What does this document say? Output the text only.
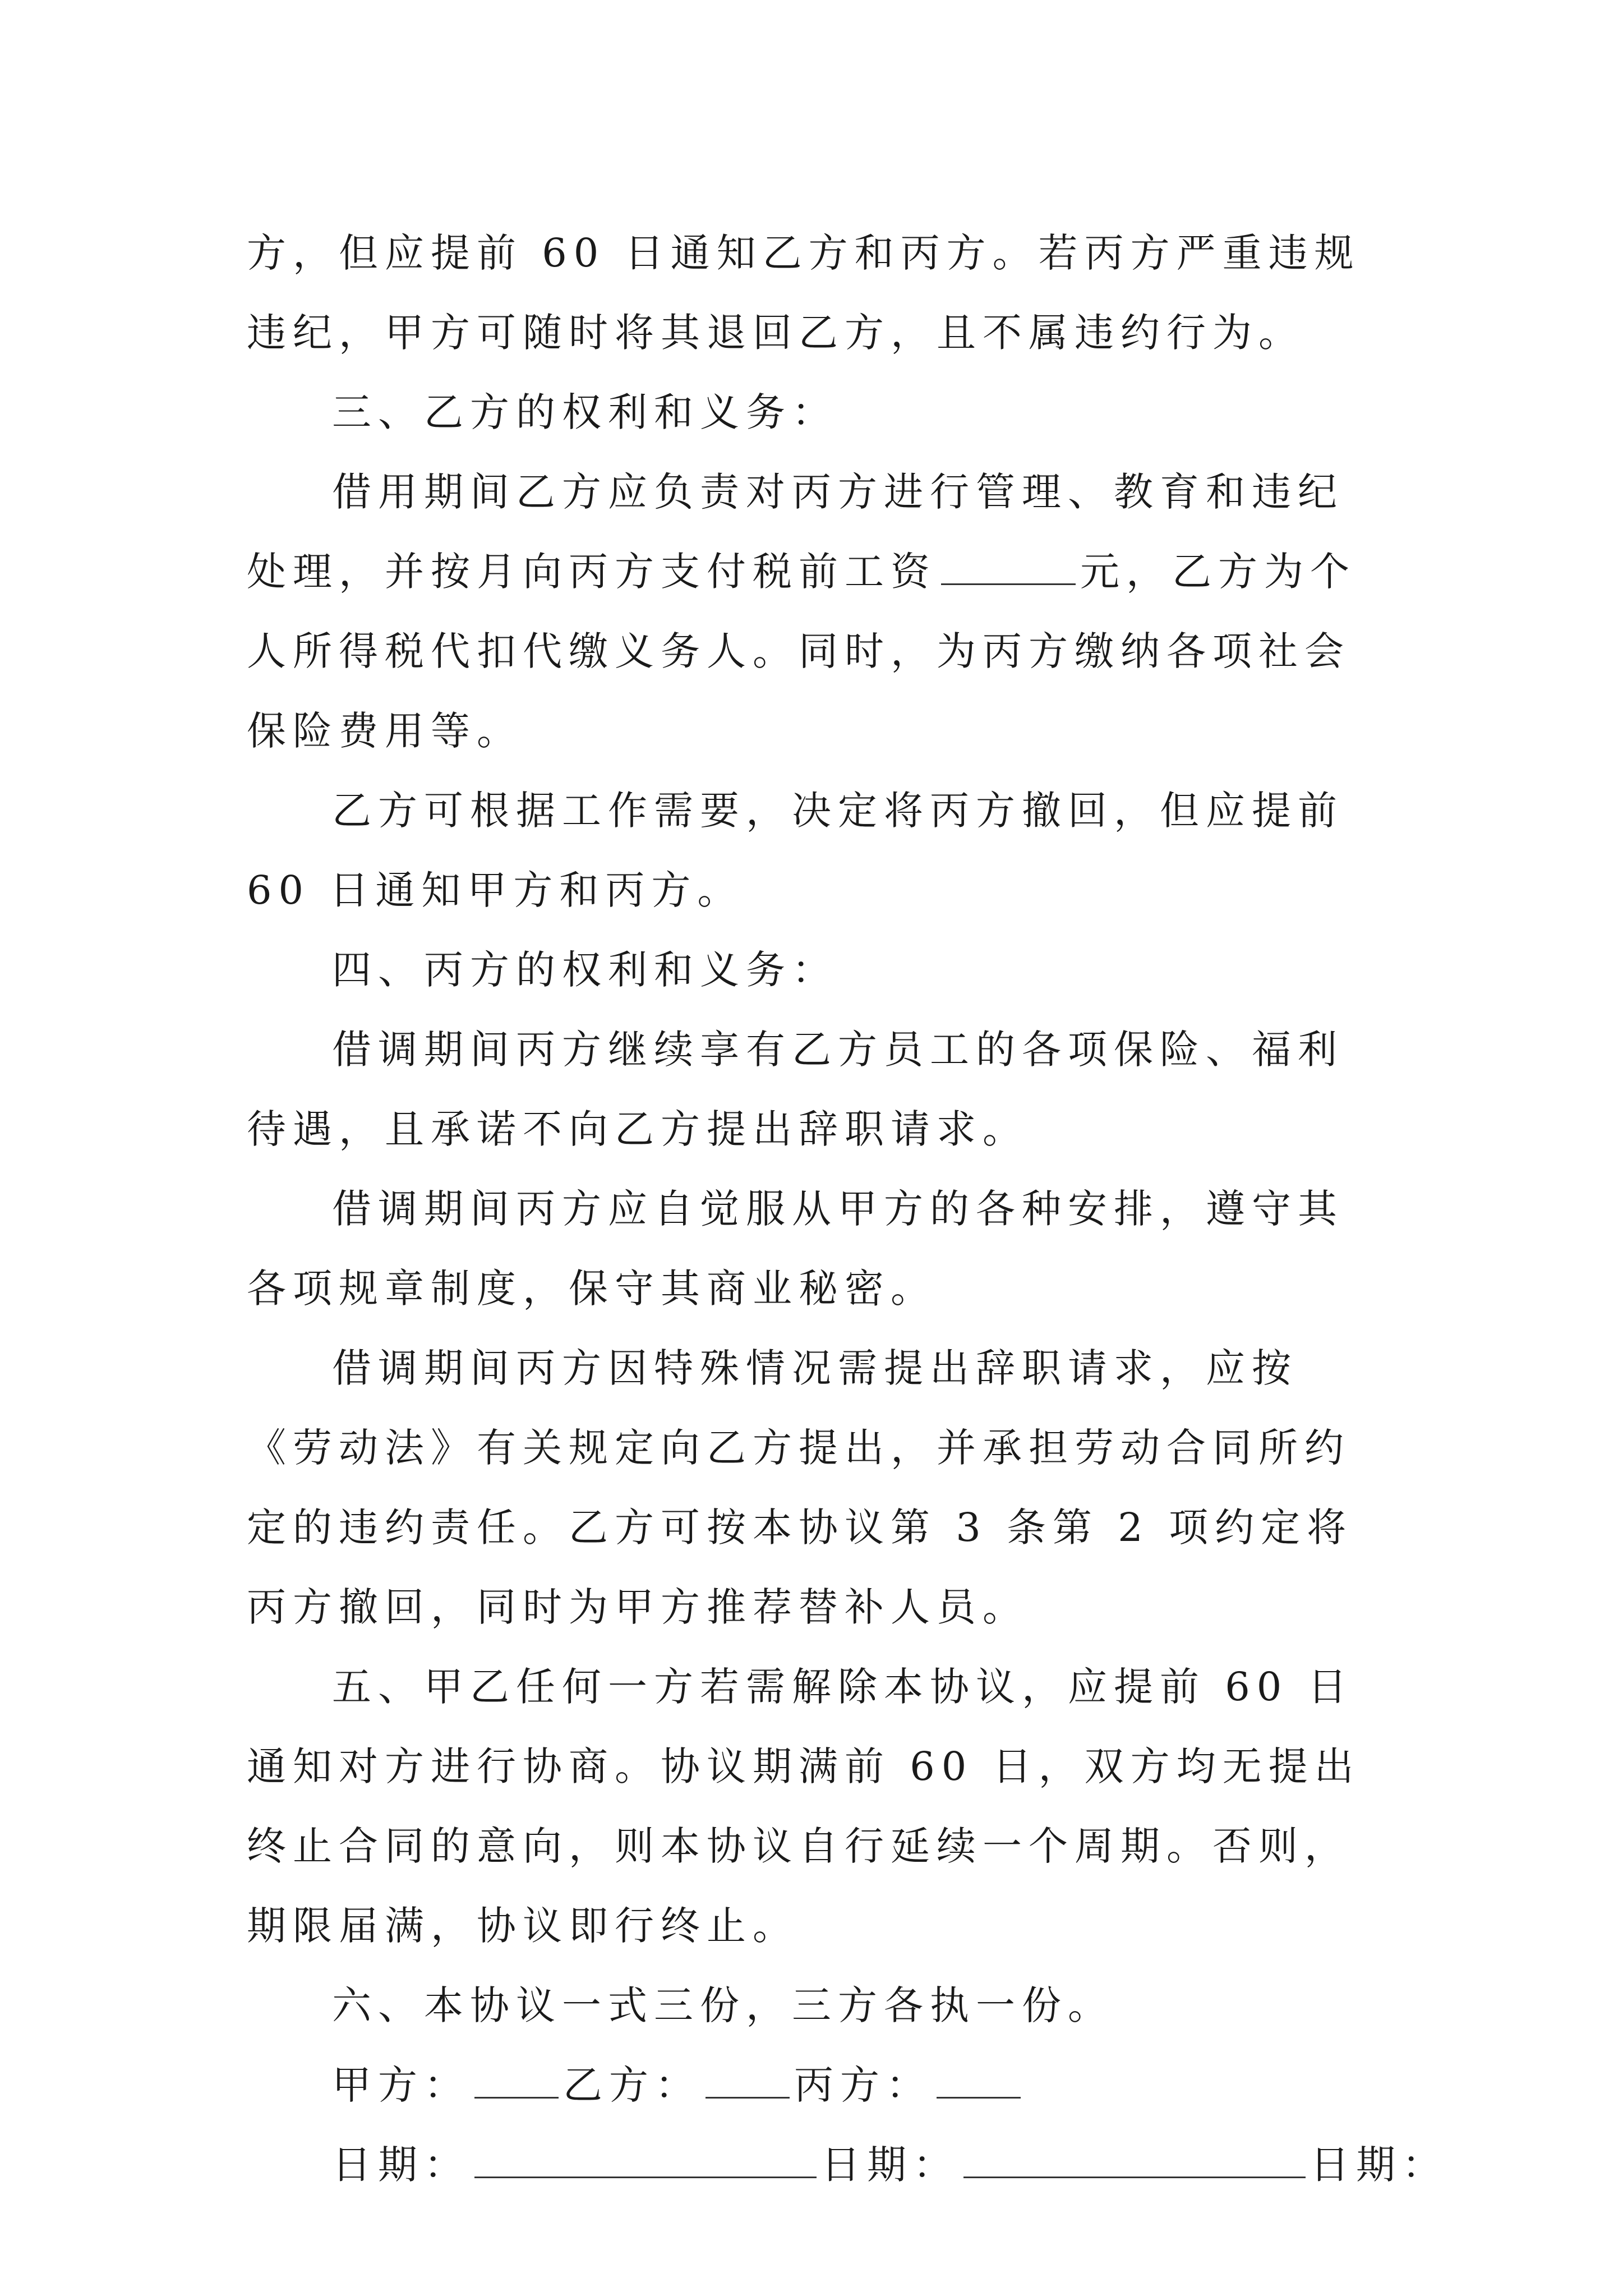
方，但应提前 60 日通知乙方和丙方。若丙方严重违规违纪，甲方可随时将其退回乙方，且不属违约行为。

三、乙方的权利和义务：

借用期间乙方应负责对丙方进行管理、教育和违纪处理，并按月向丙方支付税前工资	元，乙方为个人所得税代扣代缴义务人。同时，为丙方缴纳各项社会保险费用等。

乙方可根据工作需要，决定将丙方撤回，但应提前 60 日通知甲方和丙方。

四、丙方的权利和义务：

借调期间丙方继续享有乙方员工的各项保险、福利待遇，且承诺不向乙方提出辞职请求。

借调期间丙方应自觉服从甲方的各种安排，遵守其各项规章制度，保守其商业秘密。

借调期间丙方因特殊情况需提出辞职请求，应按《劳动法》有关规定向乙方提出，并承担劳动合同所约定的违约责任。乙方可按本协议第 3 条第 2 项约定将丙方撤回，同时为甲方推荐替补人员。

五、甲乙任何一方若需解除本协议，应提前 60 日通知对方进行协商。协议期满前 60 日，双方均无提出终止合同的意向，则本协议自行延续一个周期。否则，期限届满，协议即行终止。

六、本协议一式三份，三方各执一份。

甲方： 乙方： 丙方：

日期：	日期：	日期：
